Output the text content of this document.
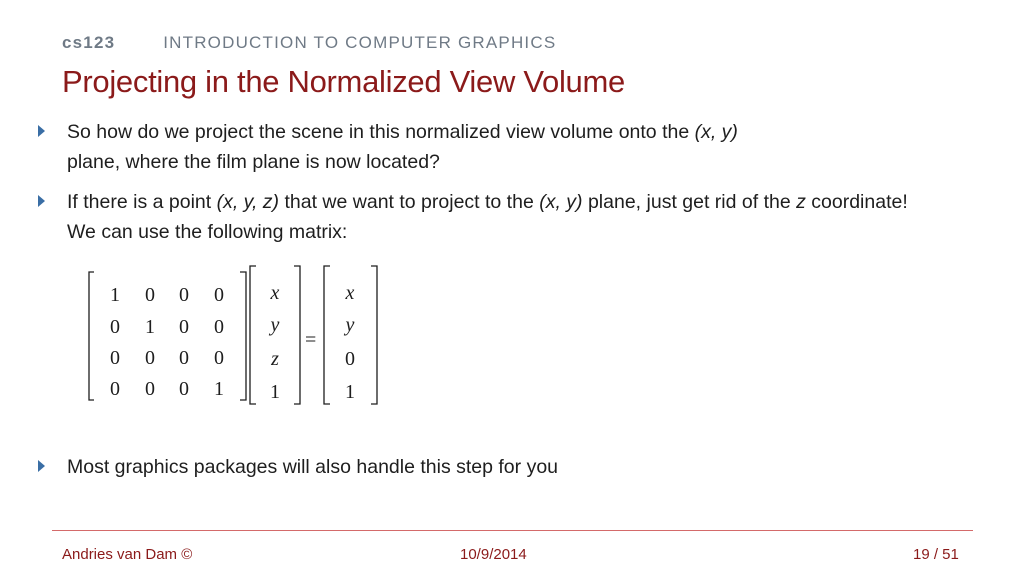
cs123	INTRODUCTION TO COMPUTER GRAPHICS
Projecting in the Normalized View Volume
So how do we project the scene in this normalized view volume onto the (x, y)
plane, where the film plane is now located?
If there is a point (x, y, z) that we want to project to the (x, y) plane, just get rid of the z coordinate! We can use the following matrix:
Most graphics packages will also handle this step for you
1 0 0 0
0 1 0 0
0 0 0 0
0 0 0 1
x
y
z
1
=
x
y
0
1
Andries van Dam ©	10/9/2014	19 / 51
